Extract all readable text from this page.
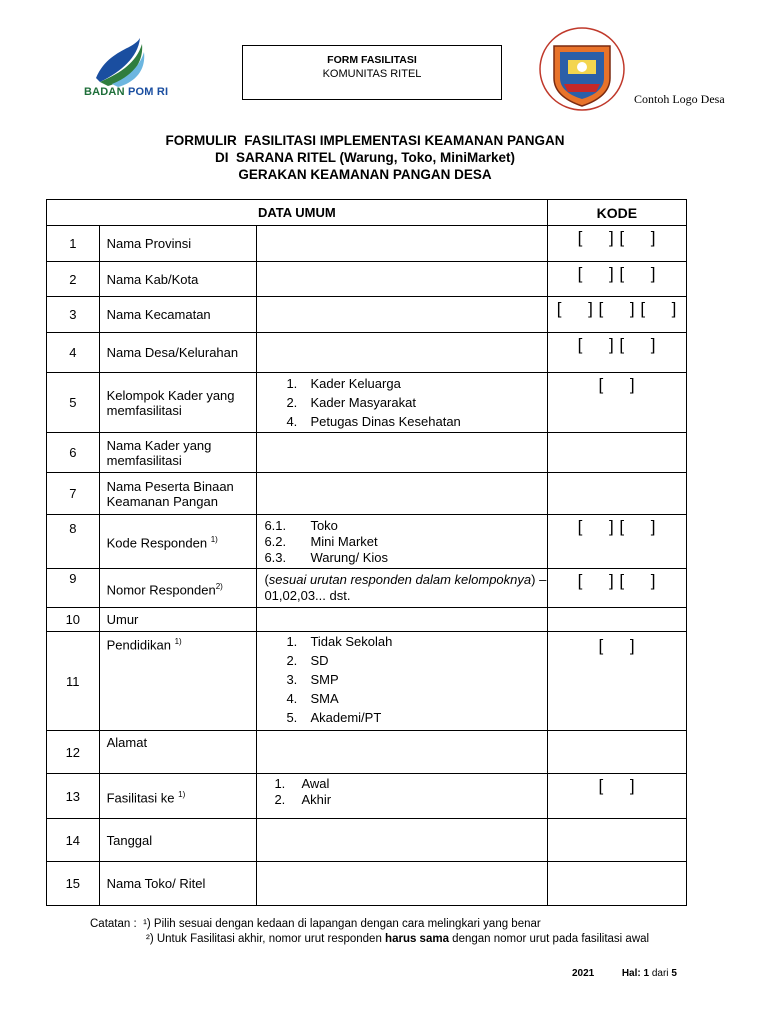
BADAN POM RI
FORM FASILITASI
KOMUNITAS RITEL
Contoh Logo Desa
FORMULIR  FASILITASI IMPLEMENTASI KEAMANAN PANGAN
DI  SARANA RITEL (Warung, Toko, MiniMarket)
GERAKAN KEAMANAN PANGAN DESA
DATA UMUM			KODE
1	Nama Provinsi		[     ] [     ]
2	Nama Kab/Kota		[     ] [     ]
3	Nama Kecamatan		[     ] [     ] [     ]
4	Nama Desa/Kelurahan		[     ] [     ]
5	Kelompok Kader yang memfasilitasi	1. Kader Keluarga
2. Kader Masyarakat
4. Petugas Dinas Kesehatan	[     ]
6	Nama Kader yang memfasilitasi		
7	Nama Peserta Binaan Keamanan Pangan		
8	Kode Responden $^{1)}$	6.1. Toko
6.2. Mini Market
6.3. Warung/ Kios	[     ] [     ]
9	Nomor Responden$^{2)}$	(sesuai urutan responden dalam kelompoknya) – 01,02,03... dst.	[     ] [     ]
10	Umur		
11	Pendidikan $^{1)}$	1. Tidak Sekolah
2. SD
3. SMP
4. SMA
5. Akademi/PT	[     ]
12	Alamat		
13	Fasilitasi ke $^{1)}$	1. Awal
2. Akhir	[     ]
14	Tanggal		
15	Nama Toko/ Ritel		
Catatan : ¹) Pilih sesuai dengan kedaan di lapangan dengan cara melingkari yang benar
²) Untuk Fasilitasi akhir, nomor urut responden harus sama dengan nomor urut pada fasilitasi awal
2021	Hal: 1 dari 5
